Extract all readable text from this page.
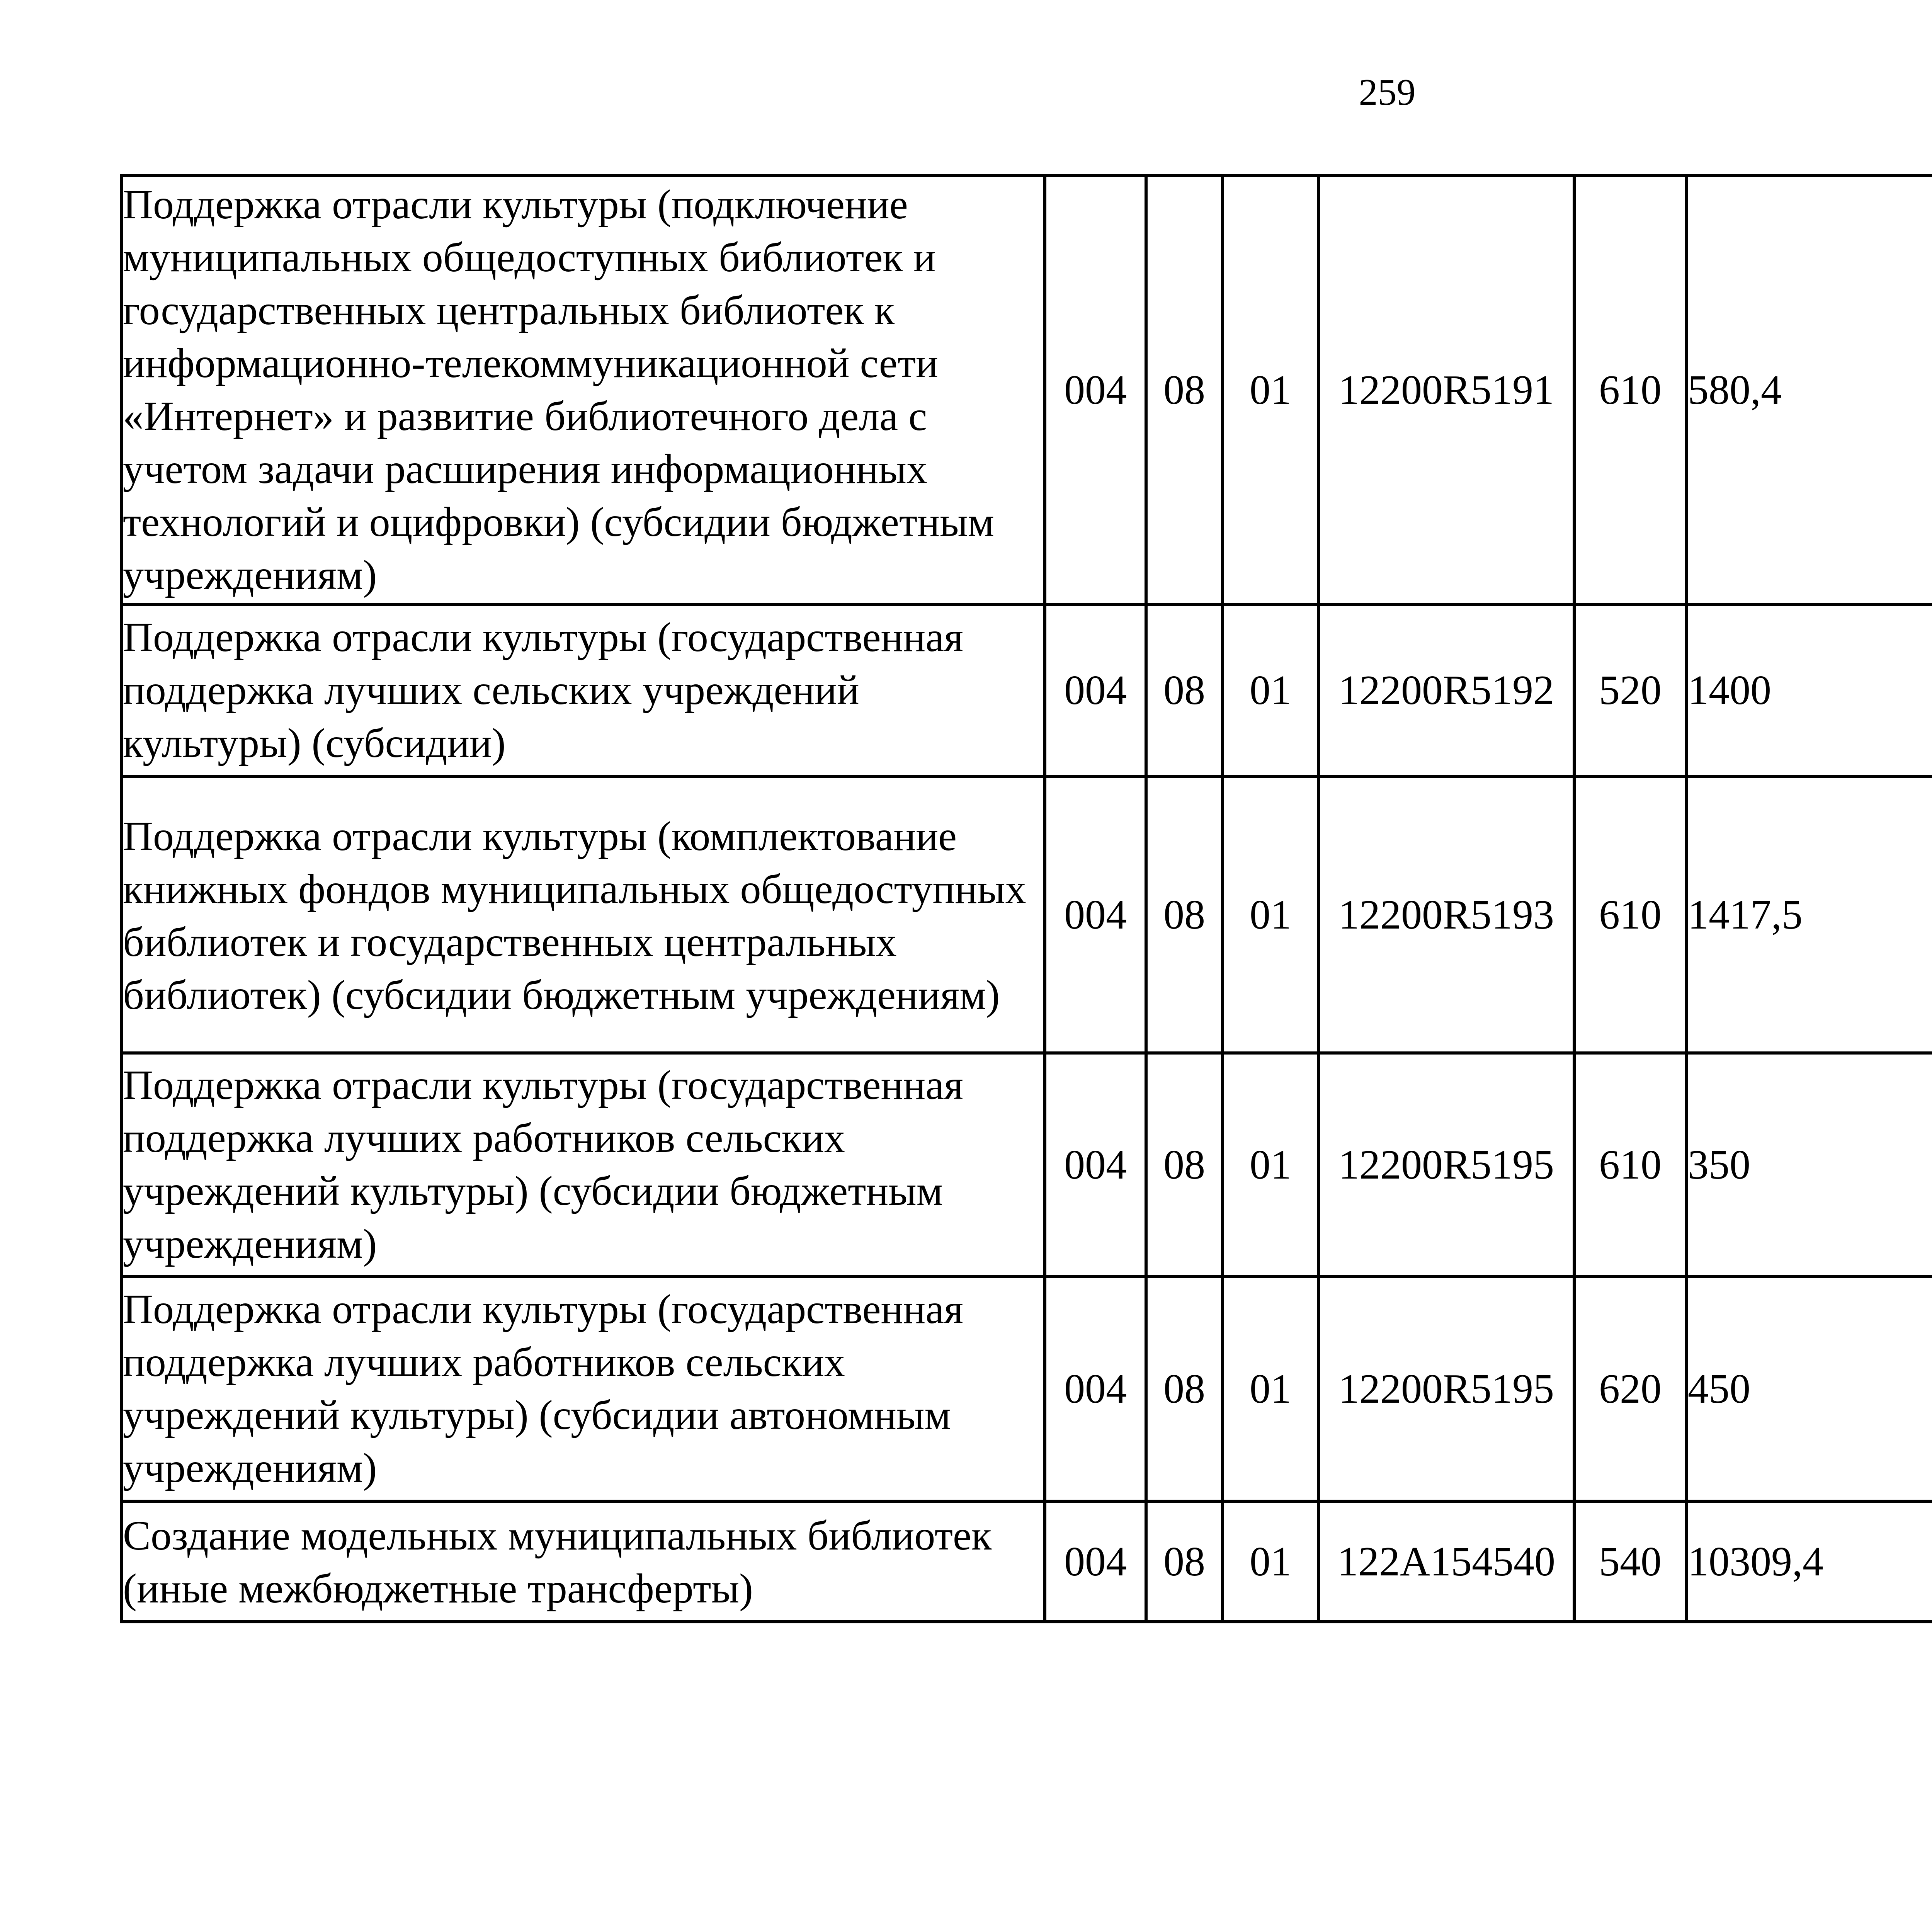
259
Поддержка отрасли культуры (подключение муниципальных общедоступных библиотек и государственных центральных библиотек к информационно-телекоммуникационной сети «Интернет» и развитие библиотечного дела с учетом задачи расширения информационных технологий и оцифровки) (субсидии бюджетным учреждениям)	004	08	01	12200R5191	610	580,4		
Поддержка отрасли культуры (государственная поддержка лучших сельских учреждений культуры) (субсидии)	004	08	01	12200R5192	520	1400		
Поддержка отрасли культуры (комплектование книжных фондов муниципальных общедоступных библиотек и государственных центральных библиотек) (субсидии бюджетным учреждениям)	004	08	01	12200R5193	610	1417,5		
Поддержка отрасли культуры (государственная поддержка лучших работников сельских учреждений культуры) (субсидии бюджетным учреждениям)	004	08	01	12200R5195	610	350		
Поддержка отрасли культуры (государственная поддержка лучших работников сельских учреждений культуры) (субсидии автономным учреждениям)	004	08	01	12200R5195	620	450		
Создание модельных муниципальных библиотек (иные межбюджетные трансферты)	004	08	01	122A154540	540	10309,4		
